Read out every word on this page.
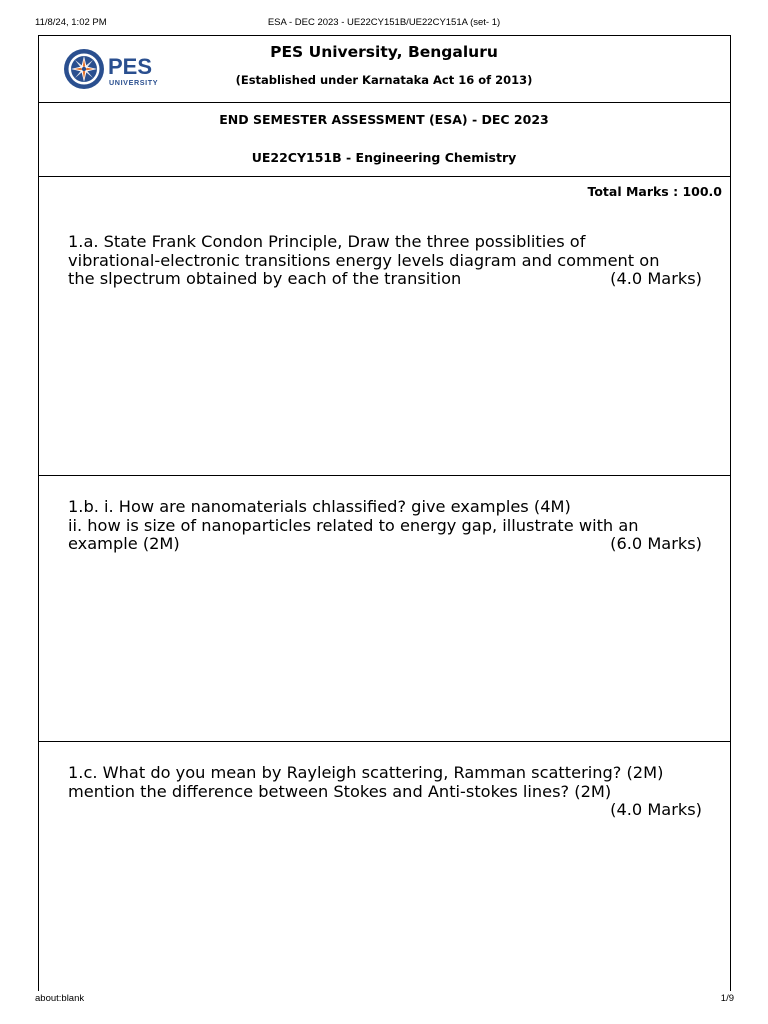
11/8/24, 1:02 PM	ESA - DEC 2023 - UE22CY151B/UE22CY151A (set- 1)
PES
UNIVERSITY
PES University, Bengaluru
(Established under Karnataka Act 16 of 2013)
END SEMESTER ASSESSMENT (ESA) - DEC 2023
UE22CY151B - Engineering Chemistry
Total Marks : 100.0
1.a. State Frank Condon Principle, Draw the three possiblities of
vibrational-electronic transitions energy levels diagram and comment on
the slpectrum obtained by each of the transition	(4.0 Marks)
1.b. i. How are nanomaterials chlassified? give examples (4M)
ii. how is size of nanoparticles related to energy gap, illustrate with an
example (2M)	(6.0 Marks)
1.c. What do you mean by Rayleigh scattering, Ramman scattering? (2M)
mention the difference between Stokes and Anti-stokes lines? (2M)
(4.0 Marks)
about:blank	1/9
